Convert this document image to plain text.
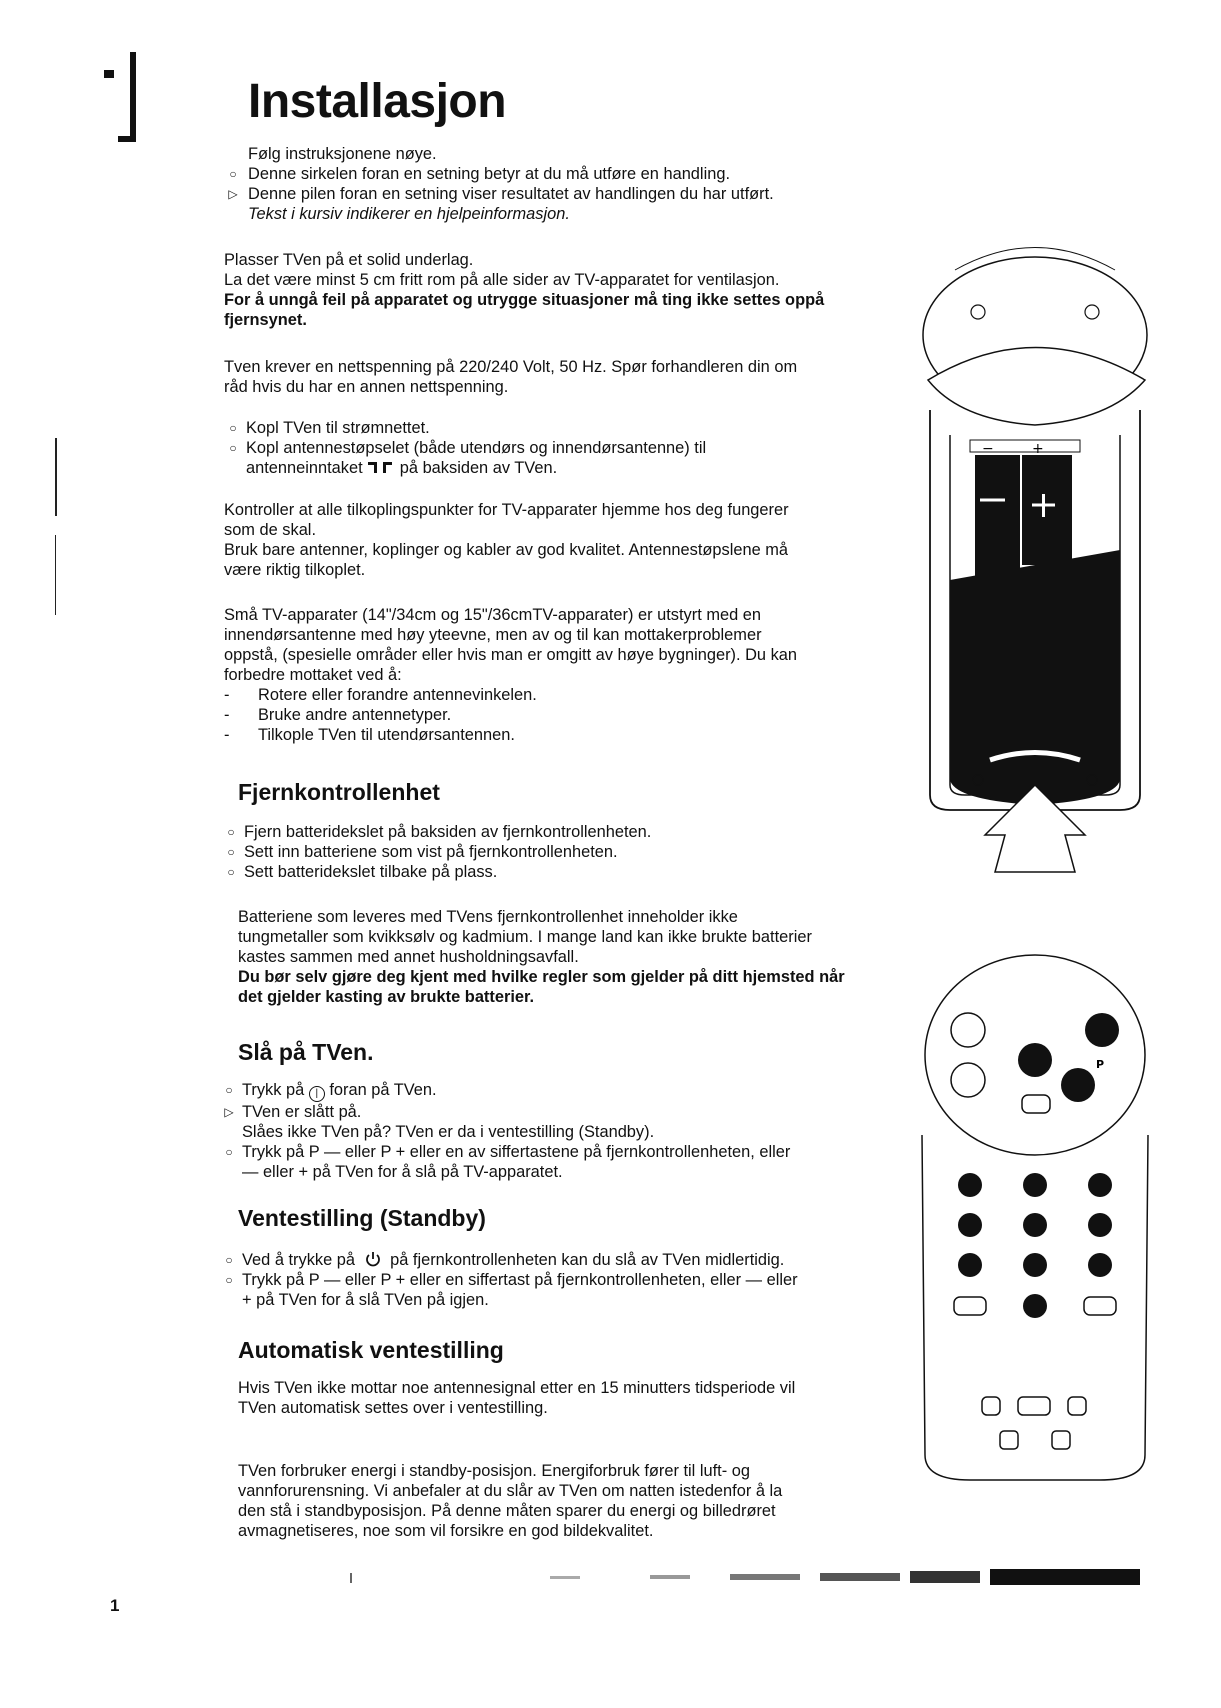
Installasjon
Følg instruksjonene nøye.
○ Denne sirkelen foran en setning betyr at du må utføre en handling.
▷ Denne pilen foran en setning viser resultatet av handlingen du har utført.
Tekst i kursiv indikerer en hjelpeinformasjon.

Plasser TVen på et solid underlag.

La det være minst 5 cm fritt rom på alle sider av TV-apparatet for ventilasjon.

For å unngå feil på apparatet og utrygge situasjoner må ting ikke settes oppå

fjernsynet.

Tven krever en nettspenning på 220/240 Volt, 50 Hz. Spør forhandleren din om

råd hvis du har en annen nettspenning.

○ Kopl TVen til strømnettet.
○ Kopl antennestøpselet (både utendørs og innendørsantenne) til
antenneinntaket på baksiden av TVen.

Kontroller at alle tilkoplingspunkter for TV-apparater hjemme hos deg fungerer

som de skal.

Bruk bare antenner, koplinger og kabler av god kvalitet. Antennestøpslene må

være riktig tilkoplet.

Små TV-apparater (14"/34cm og 15"/36cmTV-apparater) er utstyrt med en

innendørsantenne med høy yteevne, men av og til kan mottakerproblemer

oppstå, (spesielle områder eller hvis man er omgitt av høye bygninger). Du kan

forbedre mottaket ved å:

- Rotere eller forandre antennevinkelen.

- Bruke andre antennetyper.

- Tilkople TVen til utendørsantennen.

Fjernkontrollenhet
○ Fjern batteridekslet på baksiden av fjernkontrollenheten.
○ Sett inn batteriene som vist på fjernkontrollenheten.
○ Sett batteridekslet tilbake på plass.

Batteriene som leveres med TVens fjernkontrollenhet inneholder ikke

tungmetaller som kvikksølv og kadmium. I mange land kan ikke brukte batterier

kastes sammen med annet husholdningsavfall.

Du bør selv gjøre deg kjent med hvilke regler som gjelder på ditt hjemsted når

det gjelder kasting av brukte batterier.

Slå på TVen.
○ Trykk på | foran på TVen.
▷ TVen er slått på.
Slåes ikke TVen på? TVen er da i ventestilling (Standby).
○ Trykk på P — eller P + eller en av siffertastene på fjernkontrollenheten, eller
— eller + på TVen for å slå på TV-apparatet.
Ventestilling (Standby)
○ Ved å trykke på på fjernkontrollenheten kan du slå av TVen midlertidig.
○ Trykk på P — eller P + eller en siffertast på fjernkontrollenheten, eller — eller
+ på TVen for å slå TVen på igjen.
Automatisk ventestilling

Hvis TVen ikke mottar noe antennesignal etter en 15 minutters tidsperiode vil

TVen automatisk settes over i ventestilling.

TVen forbruker energi i standby-posisjon. Energiforbruk fører til luft- og

vannforurensning. Vi anbefaler at du slår av TVen om natten istedenfor å la

den stå i standbyposisjon. På denne måten sparer du energi og billedrøret

avmagnetiseres, noe som vil forsikre en god bildekvalitet.

−	+
P
1
